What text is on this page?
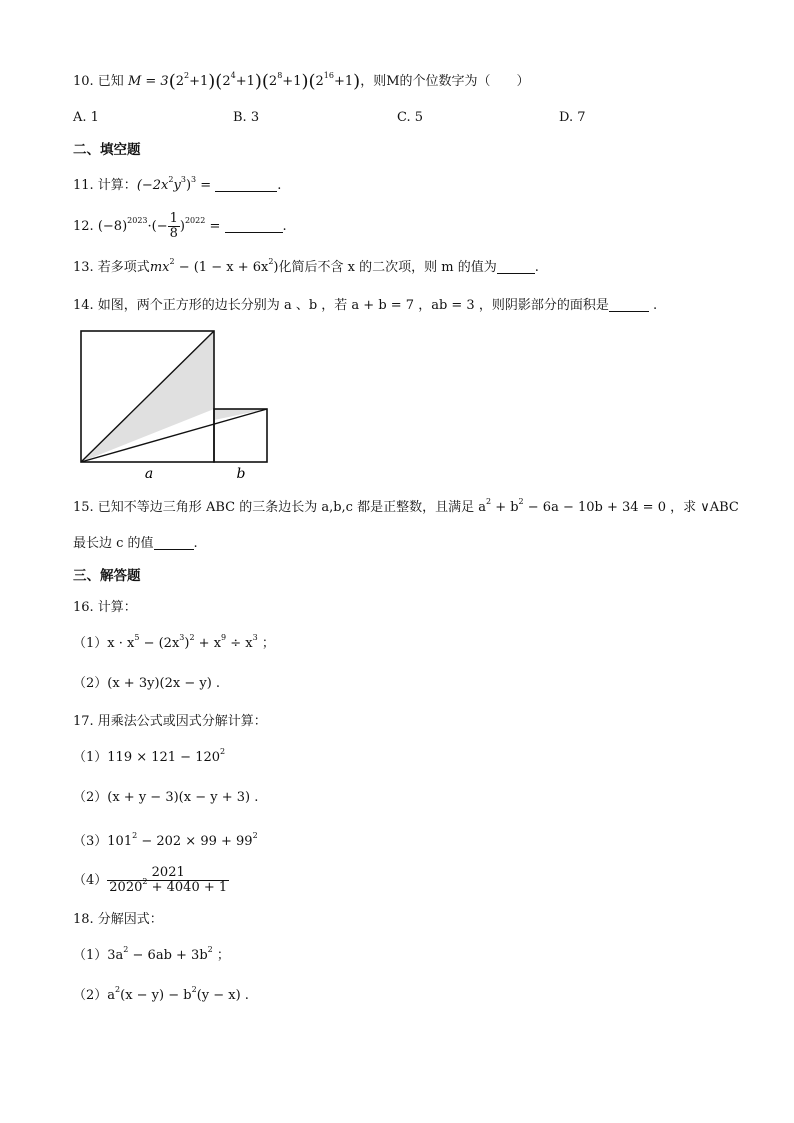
10. 已知 $M = 3(2^2+1)(2^4+1)(2^8+1)(2^{16}+1)$，则M的个位数字为（　　）
A. 1	B. 3	C. 5	D. 7
二、填空题
11. 计算：$(-2x^2y^3)^3$ =	.
12. $(-8)^{2023}\cdot(- \frac{1}{8} )^{2022}$ =	.
13. 若多项式$mx^2 - (1 - x + 6x^2)$化简后不含 x 的二次项，则 m 的值为	.
14. 如图，两个正方形的边长分别为 a 、b ，若 a + b = 7 ，ab = 3 ，则阴影部分的面积是	.
a	b
15. 已知不等边三角形 ABC 的三条边长为 a,b,c 都是正整数，且满足 $a^2 + b^2 - 6a - 10b + 34 = 0$ ，求 ∨ABC
最长边 c 的值	.
三、解答题
16. 计算：
$(1)x \cdot x^5 - (2x^3)^2 + x^9 \div x^3$ ；
（2）(x + 3y)(2x − y) .
17. 用乘法公式或因式分解计算：
$(1)119 \times 121 - 120^2$
（2）(x + y − 3)(x − y + 3) .
$(3)101^2 - 202 \times 99 + 99^2$
$(4) \frac{2021}{2020^2 + 4040 + 1}$
18. 分解因式：
$(1)3a^2 - 6ab + 3b^2$ ；
$(2)a^2(x - y) - b^2(y - x)$ .
